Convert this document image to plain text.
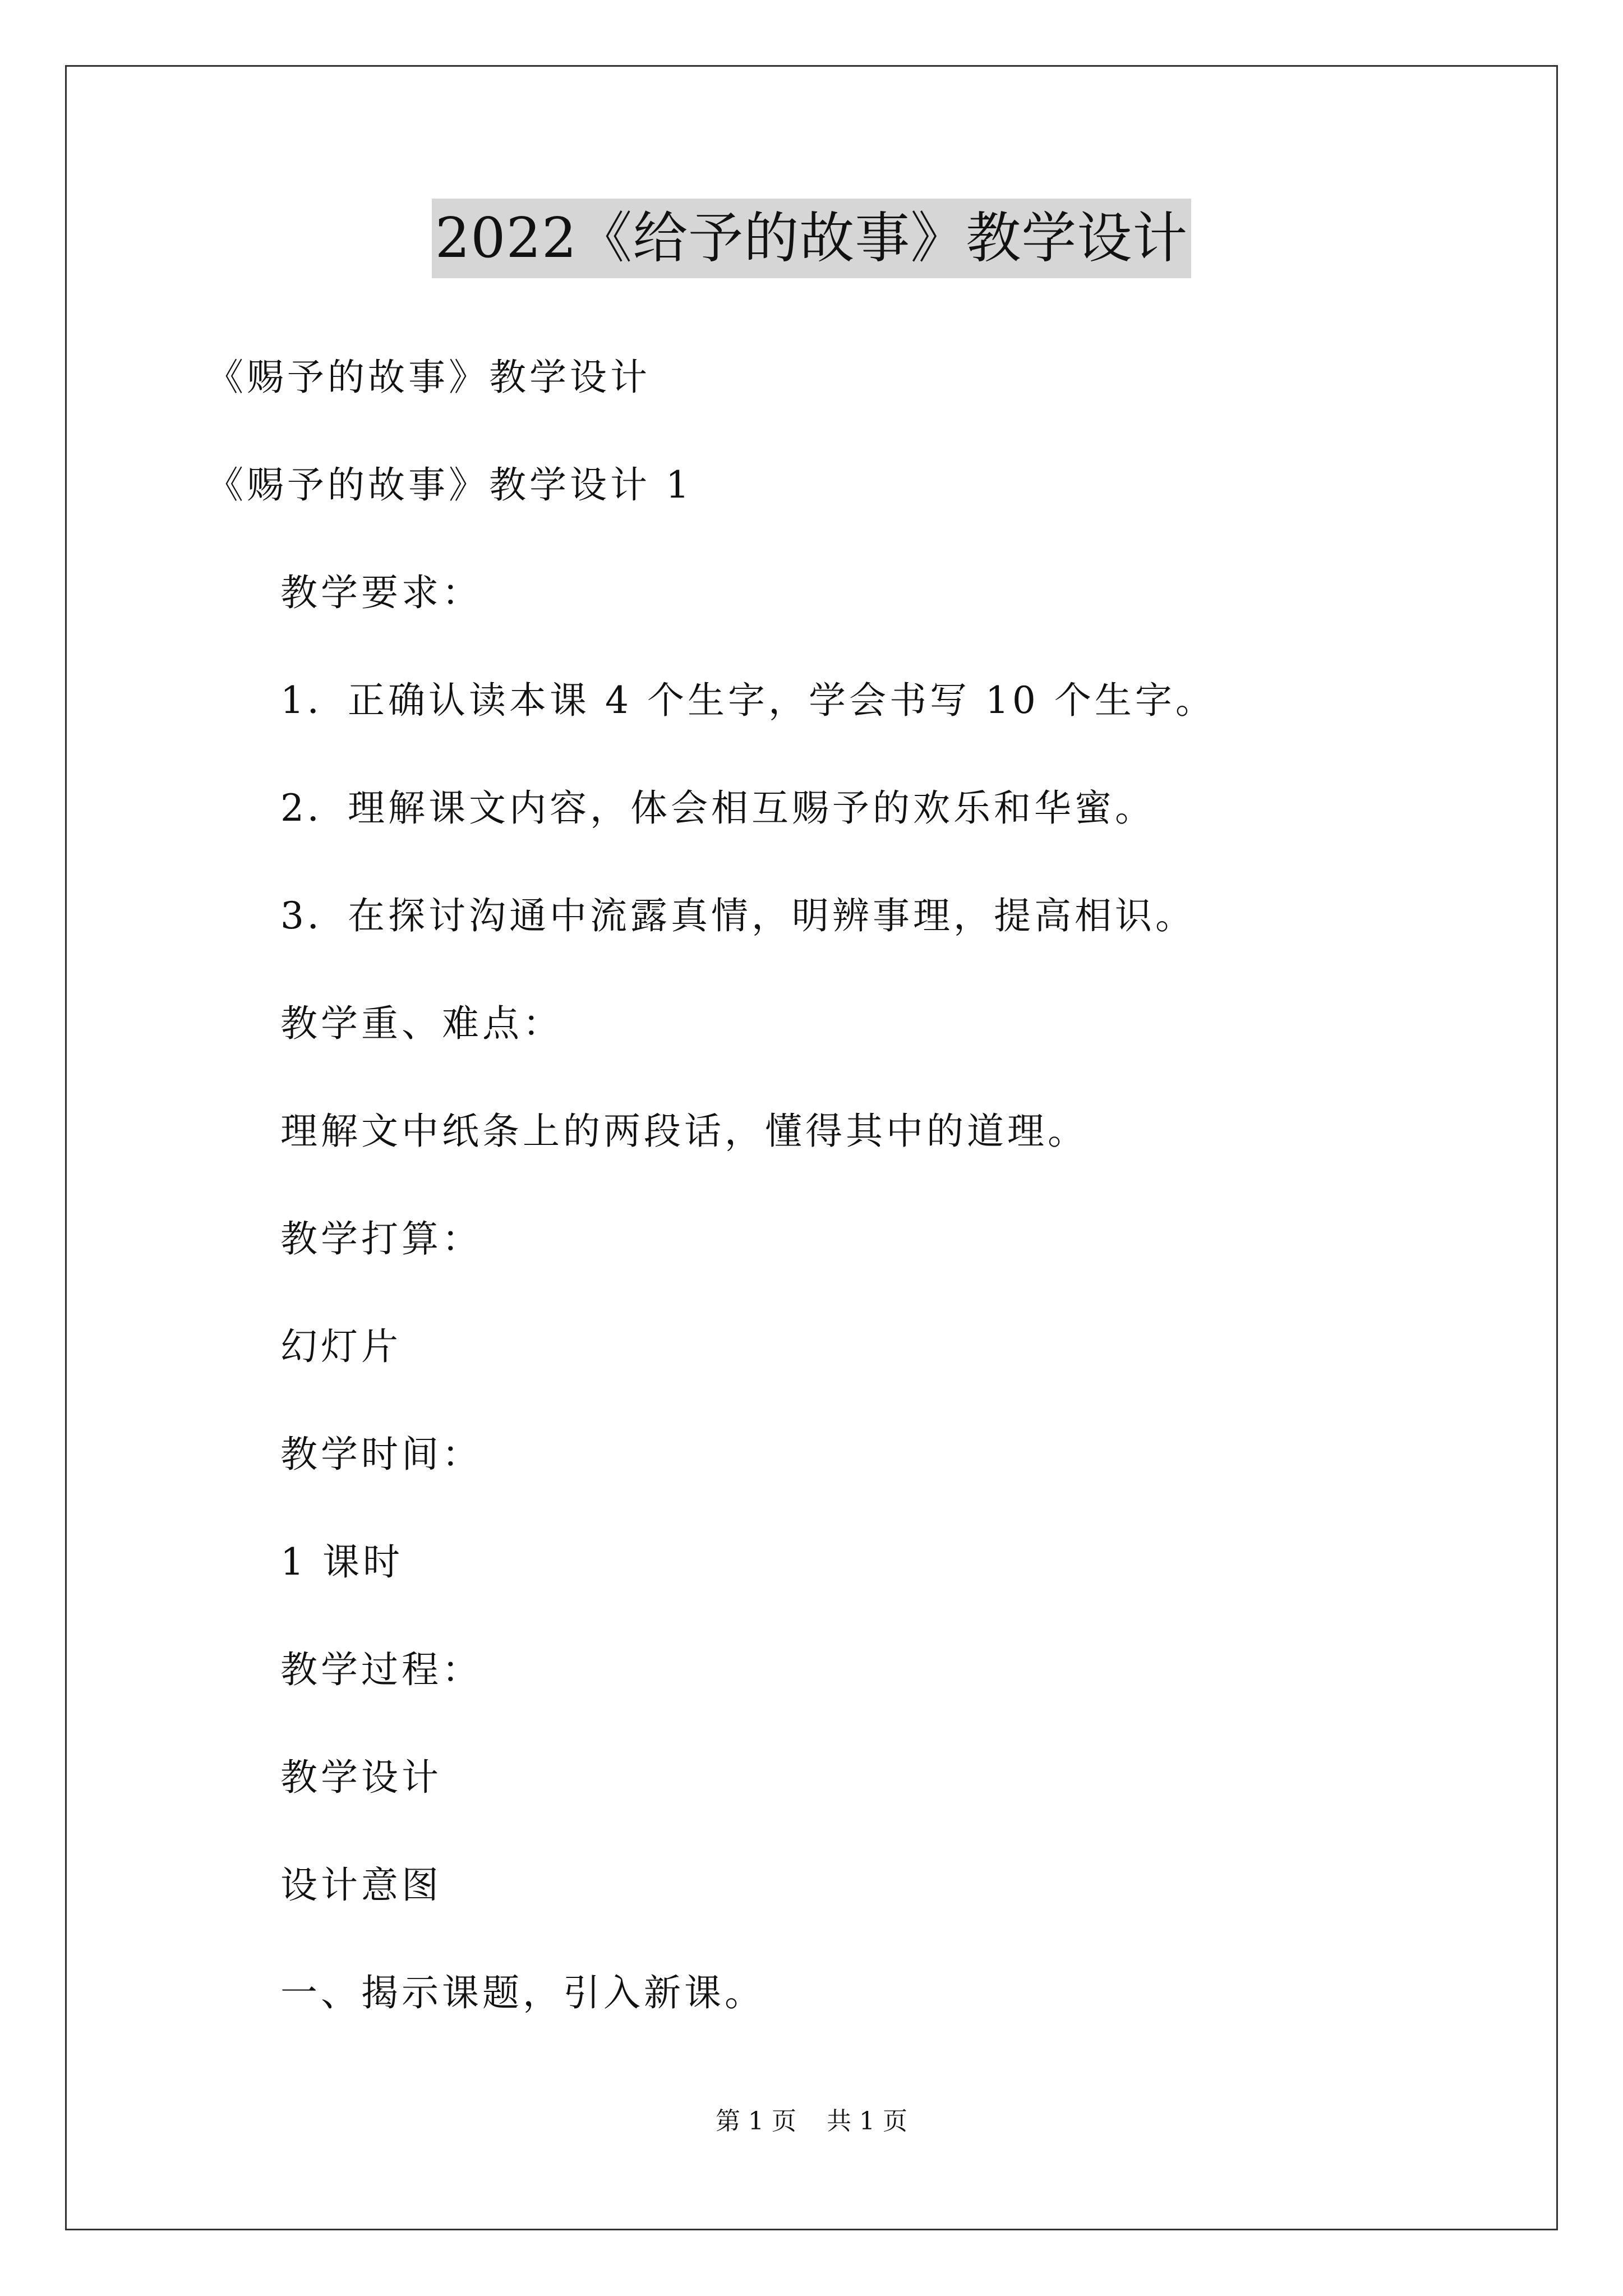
2022《给予的故事》教学设计
《赐予的故事》教学设计
《赐予的故事》教学设计 1
教学要求：
1．正确认读本课 4 个生字，学会书写 10 个生字。
2．理解课文内容，体会相互赐予的欢乐和华蜜。
3．在探讨沟通中流露真情，明辨事理，提高相识。
教学重、难点：
理解文中纸条上的两段话，懂得其中的道理。
教学打算：
幻灯片
教学时间：
1 课时
教学过程：
教学设计
设计意图
一、揭示课题，引入新课。
第 1 页 共 1 页
